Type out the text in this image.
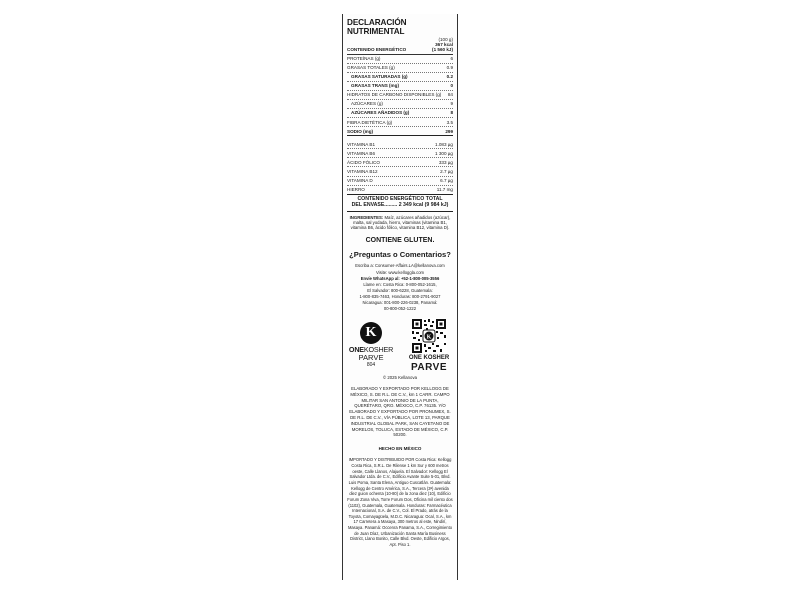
DECLARACIÓN NUTRIMENTAL
(100 g)
367 kcal
CONTENIDO ENERGÉTICO	(1 560 kJ)
PROTEÍNAS (g)	6
GRASAS TOTALES (g)	0.9
GRASAS SATURADAS (g)	0.2
GRASAS TRANS (mg)	0
HIDRATOS DE CARBONO DISPONIBLES (g) 84
AZÚCARES (g)	9
AZÚCARES AÑADIDOS (g)	8
FIBRA DIETÉTICA (g)	3.5
SODIO (mg)	299
VITAMINA B1	1.083 µg
VITAMINA B6	1 300 µg
ÁCIDO FÓLICO	333 µg
VITAMINA B12	2.7 µg
VITAMINA D	6.7 µg
HIERRO	11.7 mg
CONTENIDO ENERGÉTICO TOTAL
DEL ENVASE......... 2 349 kcal (9 984 kJ)
INGREDIENTES: Maíz, azúcares añadidos (azúcar), malta, sal yodada, hierro, vitaminas (vitamina B1, vitamina B6, ácido fólico, vitamina B12, vitamina D).
CONTIENE GLUTEN.
¿Preguntas o Comentarios?
Escriba a: Consumer-Affairs.LA@kellanova.com
Visite: www.kelloggla.com
Envíe WhatsApp al: +52-1-800-005-3556
Llame en: Costa Rica: 0-800-052-1615,
El Salvador: 800-6228, Guatemala:
1-800-835-7463, Honduras: 800-2791-9027
Nicaragua: 001-800-226-0238, Panamá:
00-800-052-1222
K
ONEKOSHER
PARVE
804
K
ONE KOSHER
PARVE
© 2025 Kellanova
ELABORADO Y EXPORTADO POR KELLOGG DE MÉXICO, S. DE R.L. DE C.V., km 1 CARR. CAMPO MILITAR SAN ANTONIO DE LA PUNTA, QUERÉTARO, QRO. MÉXICO, C.P. 76135. Y/O ELABORADO Y EXPORTADO POR PRONUMEX, S. DE R.L. DE C.V., VÍA PÚBLICA, LOTE 13, PARQUE INDUSTRIAL GLOBAL PARK, SAN CAYETANO DE MORELOS, TOLUCA, ESTADO DE MÉXICO, C.P. 50200.
HECHO EN MÉXICO
IMPORTADO Y DISTRIBUIDO POR Costa Rica: Kellogg Costa Rica, S.R.L. De Rilense 1 km Sur y 600 metros oeste, Calle Llanos, Alajuela. El Salvador: Kellogg El Salvador Ltda. de C.V., Edificio Avante Suite 5-01, Blvd. Luis Poma, Santa Elena, Antiguo Cuscatlán. Guatemala: Kellogg de Centro América, S.A., Tercera (3ª) avenida diez guion ochenta (10-80) de la zona diez (10), Edificio Forum Zona Viva, Torre Forum Dos, Oficina mil ciento dos (1102), Guatemala, Guatemala. Honduras: Farmacéutica Internacional, S.A. de C.V., Col. El Prado, atrás de la Toyota, Comayagüela, M.D.C. Nicaragua: Ocal, S.A., km 17 Carretera a Masaya, 300 metros al este, Nindirí, Masaya. Panamá: Occenra Panama, S.A., Corregimiento de Juan Díaz, Urbanización Santa María Business District, Llano Bonito, Calle Blvd. Oeste, Edificio Argos, Apt. Piso 1.
